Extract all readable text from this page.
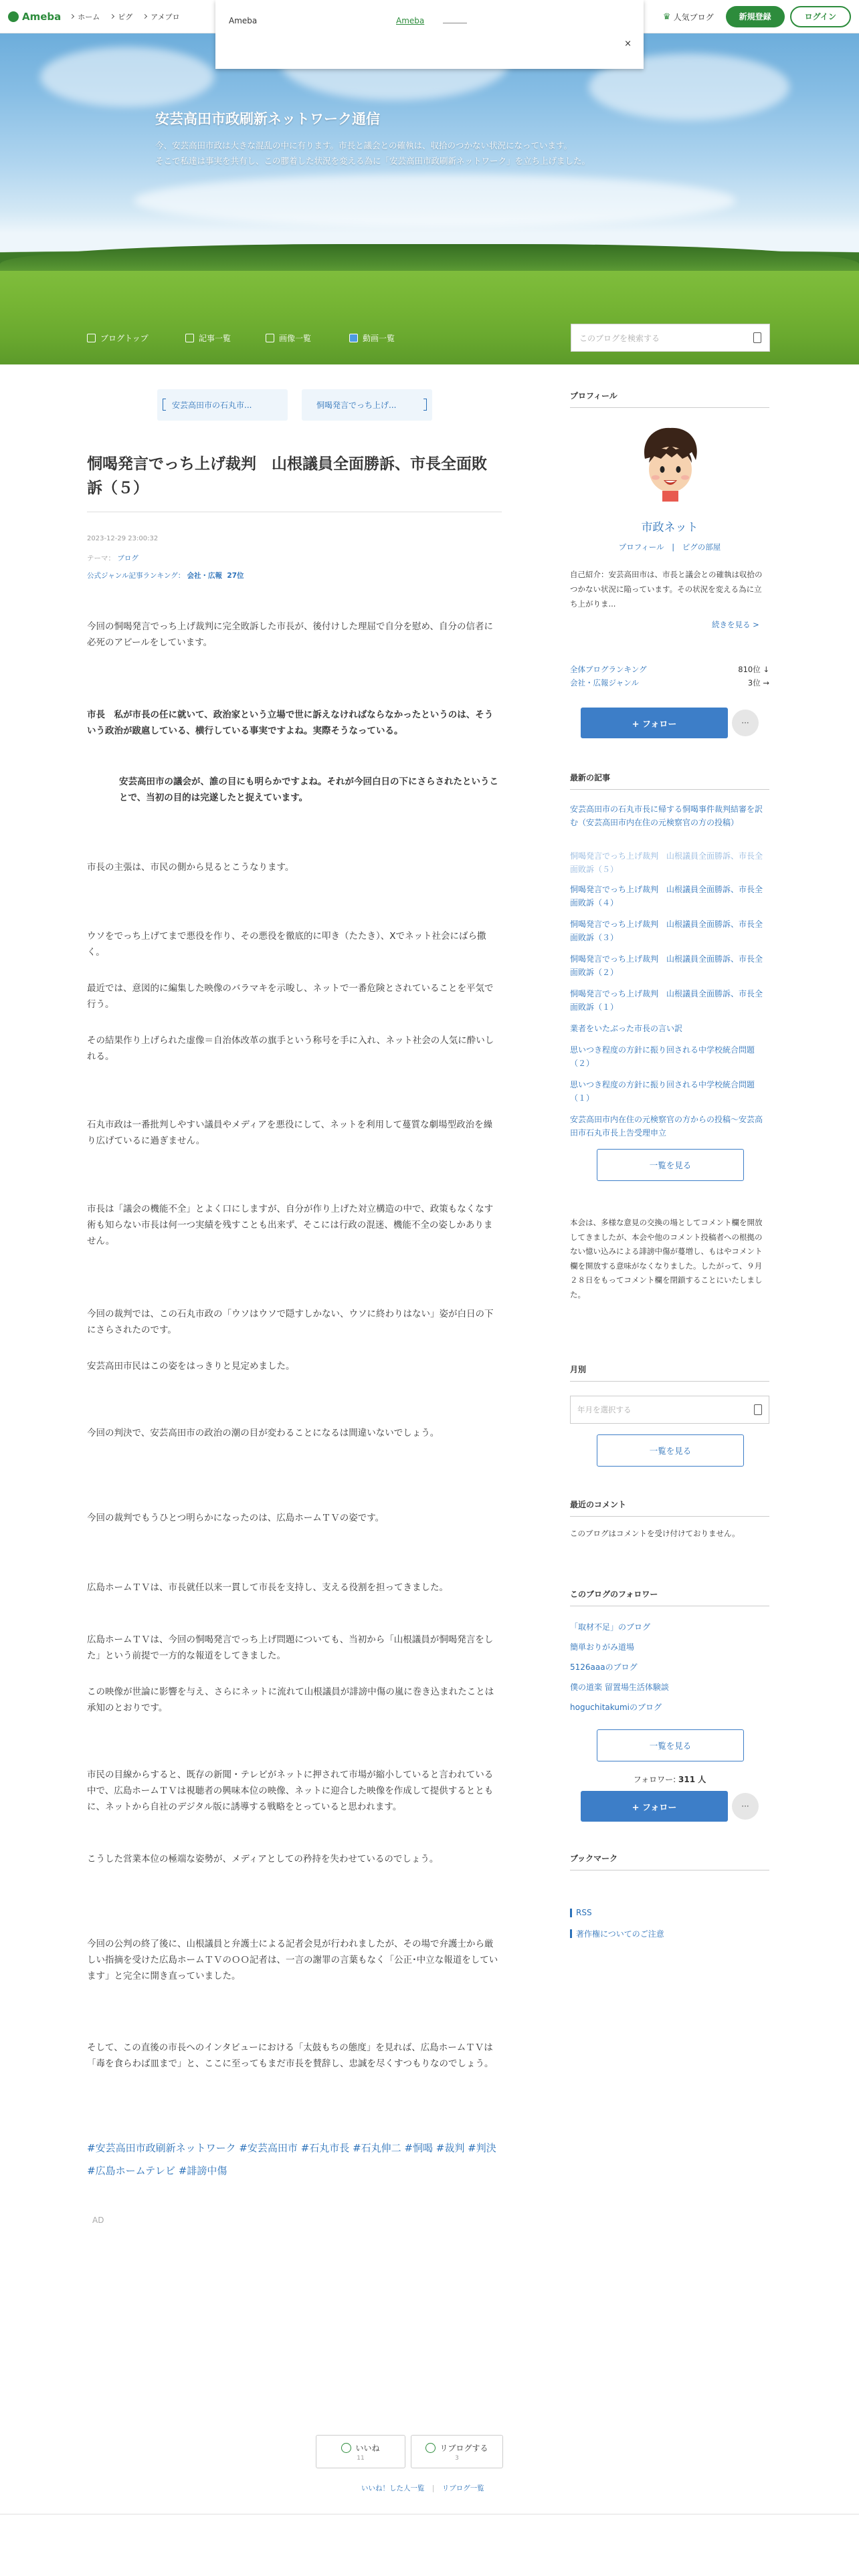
安芸高田市政刷新ネットワーク通信
今、安芸高田市政は大きな混乱の中に有ります。市長と議会との確執は、収拾のつかない状況になっています。
そこで私達は事実を共有し、この膠着した状況を変える為に「安芸高田市政刷新ネットワーク」を立ち上げました。
ブログトップ	記事一覧	画像一覧	動画一覧	このブログを検索する
Ameba ホーム ピグ アメブロ	♛ 人気ブログ	新規登録	ログイン
Ameba	Ameba
×
安芸高田市の石丸市...	恫喝発言でっち上げ...
恫喝発言でっち上げ裁判　山根議員全面勝訴、市長全面敗訴（５）
2023-12-29 23:00:32
テーマ： ブログ
公式ジャンル記事ランキング： 会社・広報 27位

今回の恫喝発言でっち上げ裁判に完全敗訴した市長が、後付けした理屈で自分を慰め、自分の信者に必死のアピールをしています。

市長　私が市長の任に就いて、政治家という立場で世に訴えなければならなかったというのは、そういう政治が跋扈している、横行している事実ですよね。実際そうなっている。

安芸高田市の議会が、誰の目にも明らかですよね。それが今回白日の下にさらされたということで、当初の目的は完遂したと捉えています。

市長の主張は、市民の側から見るとこうなります。

ウソをでっち上げてまで悪役を作り、その悪役を徹底的に叩き（たたき）、Xでネット社会にばら撒く。

最近では、意図的に編集した映像のバラマキを示唆し、ネットで一番危険とされていることを平気で行う。

その結果作り上げられた虚像＝自治体改革の旗手という称号を手に入れ、ネット社会の人気に酔いしれる。

石丸市政は一番批判しやすい議員やメディアを悪役にして、ネットを利用して蔓質な劇場型政治を繰り広げているに過ぎません。

市長は「議会の機能不全」とよく口にしますが、自分が作り上げた対立構造の中で、政策もなくなす術も知らない市長は何一つ実績を残すことも出来ず、そこには行政の混迷、機能不全の姿しかありません。

今回の裁判では、この石丸市政の「ウソはウソで隠すしかない、ウソに終わりはない」姿が白日の下にさらされたのです。

安芸高田市民はこの姿をはっきりと見定めました。

今回の判決で、安芸高田市の政治の潮の目が変わることになるは間違いないでしょう。

今回の裁判でもうひとつ明らかになったのは、広島ホームＴＶの姿です。

広島ホームＴＶは、市長就任以来一貫して市長を支持し、支える役割を担ってきました。

広島ホームＴＶは、今回の恫喝発言でっち上げ問題についても、当初から「山根議員が恫喝発言をした」という前提で一方的な報道をしてきました。

この映像が世論に影響を与え、さらにネットに流れて山根議員が誹謗中傷の嵐に巻き込まれたことは承知のとおりです。

市民の目線からすると、既存の新聞・テレビがネットに押されて市場が縮小していると言われている中で、広島ホームＴＶは視聴者の興味本位の映像、ネットに迎合した映像を作成して提供するとともに、ネットから自社のデジタル版に誘導する戦略をとっていると思われます。

こうした営業本位の極端な姿勢が、メディアとしての矜持を失わせているのでしょう。

今回の公判の終了後に、山根議員と弁護士による記者会見が行われましたが、その場で弁護士から厳しい指摘を受けた広島ホームＴＶのＯＯ記者は、一言の謝罪の言葉もなく「公正･中立な報道をしています」と完全に開き直っていました。

そして、この直後の市長へのインタビューにおける「太鼓もちの態度」を見れば、広島ホームＴＶは「毒を食らわば皿まで」と、ここに至ってもまだ市長を賛辞し、忠誠を尽くすつもりなのでしょう。

#安芸高田市政刷新ネットワーク #安芸高田市 #石丸市長 #石丸伸二 #恫喝 #裁判 #判決 #広島ホームテレビ #誹謗中傷
AD
いいね
11
リブログする
3
いいね！した人一覧 | リブログ一覧
プロフィール
市政ネット
プロフィール | ピグの部屋
自己紹介：安芸高田市は、市長と議会との確執は収拾のつかない状況に陥っています。その状況を変える為に立ち上がりま...
続きを見る >
全体ブログランキング	810位 ↓
会社・広報ジャンル	3位 →
+ フォロー	···
最新の記事
安芸高田市の石丸市長に帰する恫喝事件裁判結審を訳む（安芸高田市内在住の元検察官の方の投稿）
恫喝発言でっち上げ裁判　山根議員全面勝訴、市長全面敗訴（５）
恫喝発言でっち上げ裁判　山根議員全面勝訴、市長全面敗訴（４）
恫喝発言でっち上げ裁判　山根議員全面勝訴、市長全面敗訴（３）
恫喝発言でっち上げ裁判　山根議員全面勝訴、市長全面敗訴（２）
恫喝発言でっち上げ裁判　山根議員全面勝訴、市長全面敗訴（１）
業者をいたぶった市長の言い訳
思いつき程度の方針に振り回される中学校統合問題（２）
思いつき程度の方針に振り回される中学校統合問題（１）
安芸高田市内在住の元検察官の方からの投稿～安芸高田市石丸市長上告受理申立
一覧を見る
本会は、多様な意見の交換の場としてコメント欄を開放してきましたが、本会や他のコメント投稿者への根拠のない憶い込みによる誹謗中傷が蔓増し、もはやコメント欄を開放する意味がなくなりました。したがって、９月２８日をもってコメント欄を閉鎖することにいたしました。
月別
年月を選択する
一覧を見る
最近のコメント
このブログはコメントを受け付けておりません。
このブログのフォロワー
「取材不足」のブログ
簡単おりがみ道場
5126aaaのブログ
僕の道楽 留置場生活体験談
hoguchitakumiのブログ
一覧を見る
フォロワー: 311 人
+ フォロー	···
ブックマーク
RSS
著作権についてのご注意
